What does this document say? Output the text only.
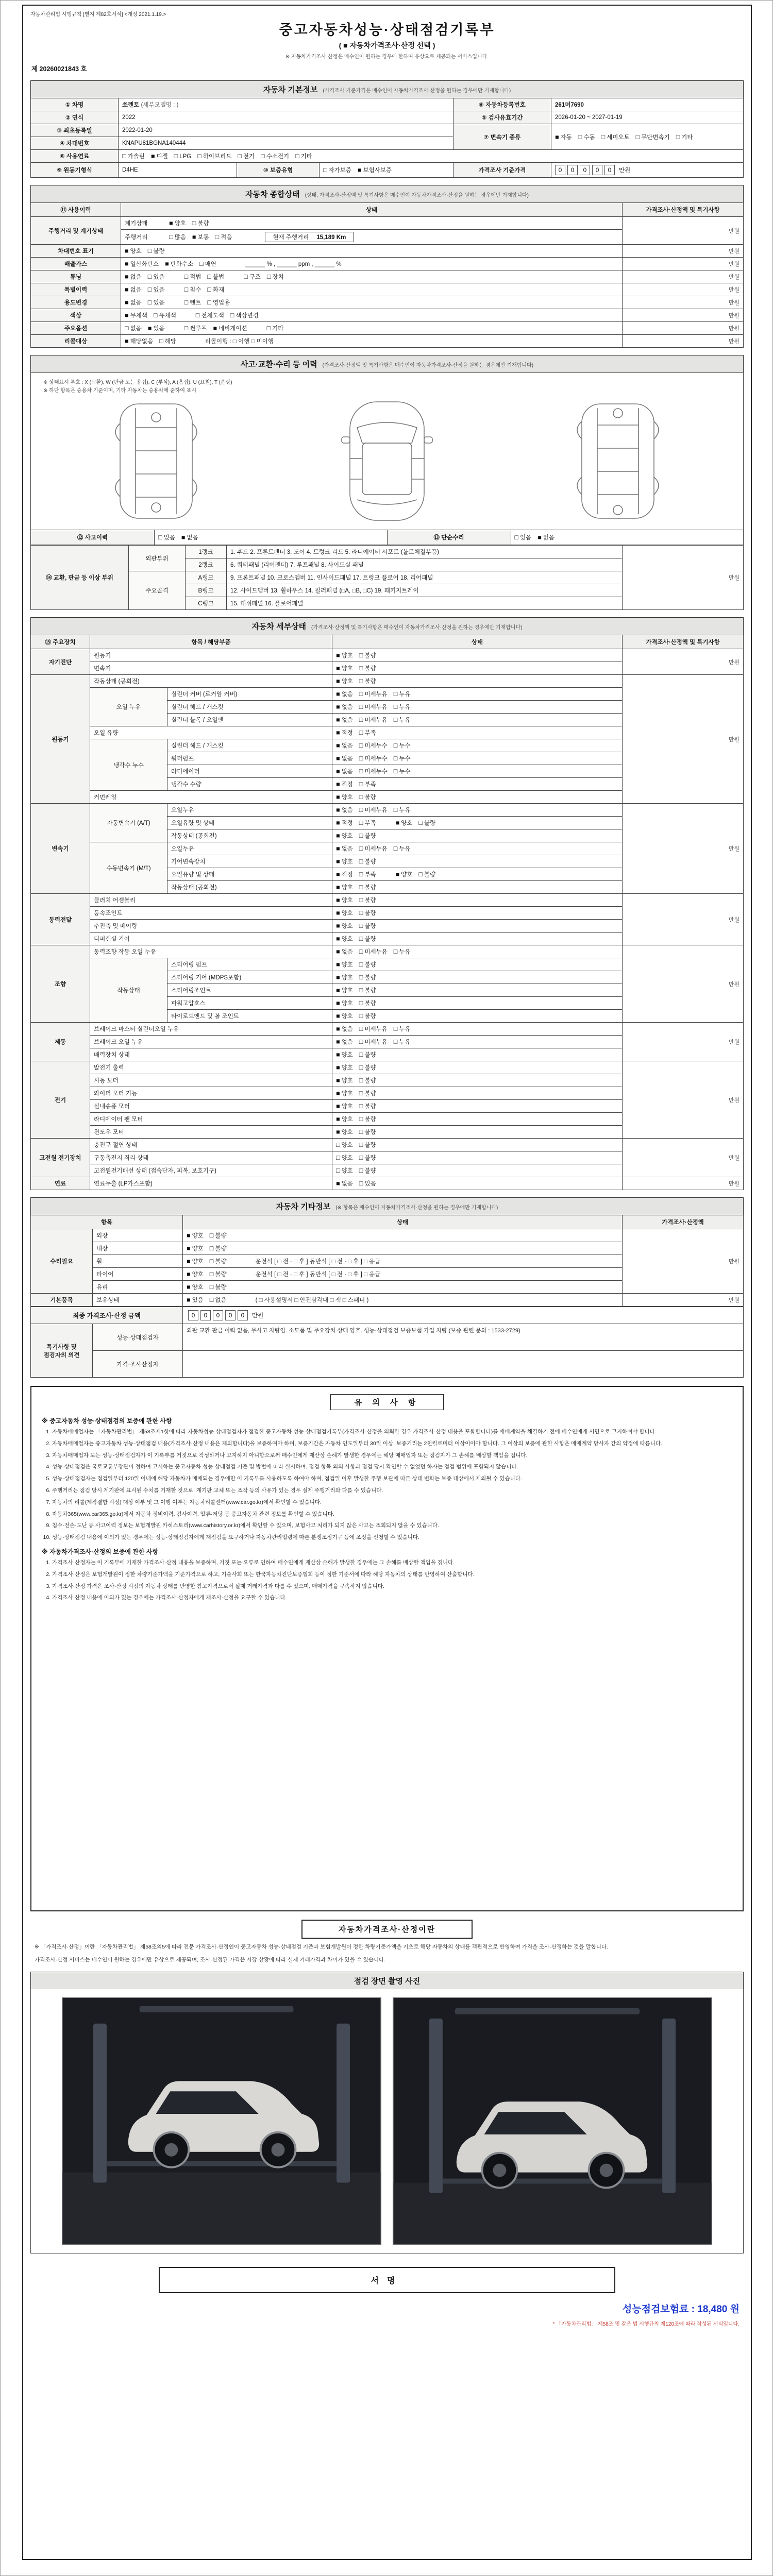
자동차관리법 시행규칙 [별지 제82호서식] <개정 2021.1.19.>
중고자동차성능·상태점검기록부
( ■ 자동차가격조사·산정 선택 )
※ 자동차가격조사·산정은 매수인이 원하는 경우에 한하여 유상으로 제공되는 서비스입니다.
제 20260021843 호
자동차 기본정보 (가격조사 기준가격은 매수인이 자동차가격조사·산정을 원하는 경우에만 기재합니다)
① 차명	쏘렌토 (세부모델명 : )			⑥ 자동차등록번호	261머7690
② 연식	2022			⑤ 검사유효기간	2026-01-20 ~ 2027-01-19
③ 최초등록일	2022-01-20			⑦ 변속기 종류	■ 자동 □ 수동 □ 세미오토 □ 무단변속기 □ 기타
④ 차대번호	KNAPU81BGNA140444				
⑧ 사용연료	□ 가솔린 ■ 디젤 □ LPG □ 하이브리드 □ 전기 □ 수소전기 □ 기타				
⑨ 원동기형식	D4HE	⑩ 보증유형	□ 자가보증 ■ 보험사보증	가격조사 기준가격	0 0 0 0 0 만원
자동차 종합상태 (상태, 가격조사·산정액 및 특기사항은 매수인이 자동차가격조사·산정을 원하는 경우에만 기재합니다)
⑪ 사용이력	상태	가격조사·산정액 및 특기사항
주행거리 및 계기상태	계기상태 ■ 양호 □ 불량	만원
	주행거리 □ 많음 ■ 보통 □ 적음 현재 주행거리 15,189 Km	
차대번호 표기	■ 양호 □ 불량	만원
배출가스	■ 일산화탄소 ■ 탄화수소 □ 매연 ______ % , ______ ppm , ______ %	만원
튜닝	■ 없음 □ 있음 □ 적법 □ 불법 □ 구조 □ 장치	만원
특별이력	■ 없음 □ 있음 □ 침수 □ 화재	만원
용도변경	■ 없음 □ 있음 □ 렌트 □ 영업용	만원
색상	■ 무채색 □ 유채색 □ 전체도색 □ 색상변경	만원
주요옵션	□ 없음 ■ 있음 □ 썬루프 ■ 네비게이션 □ 기타	만원
리콜대상	■ 해당없음 □ 해당 리콜이행 : □ 이행 □ 미이행	만원
사고·교환·수리 등 이력 (가격조사·산정액 및 특기사항은 매수인이 자동차가격조사·산정을 원하는 경우에만 기재합니다)
※ 상태표시 부호 : X (교환), W (판금 또는 용접), C (부식), A (흠집), U (요철), T (손상)
※ 하단 항목은 승용차 기준이며, 기타 자동차는 승용차에 준하여 표시
⑫ 사고이력	□ 있음 ■ 없음	⑬ 단순수리	□ 있음 ■ 없음
⑭ 교환, 판금 등 이상 부위	외판부위	1랭크	1. 후드 2. 프론트펜더 3. 도어 4. 트렁크 리드 5. 라디에이터 서포트 (볼트체결부품)	만원
		2랭크	6. 쿼터패널 (리어펜더) 7. 루프패널 8. 사이드실 패널	
	주요골격	A랭크	9. 프론트패널 10. 크로스멤버 11. 인사이드패널 17. 트렁크 플로어 18. 리어패널	
		B랭크	12. 사이드멤버 13. 휠하우스 14. 필러패널 (□A, □B, □C) 19. 패키지트레이	
		C랭크	15. 대쉬패널 16. 플로어패널	
자동차 세부상태 (가격조사·산정액 및 특기사항은 매수인이 자동차가격조사·산정을 원하는 경우에만 기재합니다)
⑮ 주요장치	항목 / 해당부품		상태	가격조사·산정액 및 특기사항
자기진단	원동기		■ 양호 □ 불량	만원
	변속기		■ 양호 □ 불량	
원동기	작동상태 (공회전)		■ 양호 □ 불량	만원
	오일 누유	실린더 커버 (로커암 커버)	■ 없음 □ 미세누유 □ 누유	
		실린더 헤드 / 개스킷	■ 없음 □ 미세누유 □ 누유	
		실린더 블록 / 오일팬	■ 없음 □ 미세누유 □ 누유	
	오일 유량		■ 적정 □ 부족	
	냉각수 누수	실린더 헤드 / 개스킷	■ 없음 □ 미세누수 □ 누수	
		워터펌프	■ 없음 □ 미세누수 □ 누수	
		라디에이터	■ 없음 □ 미세누수 □ 누수	
		냉각수 수량	■ 적정 □ 부족	
	커먼레일		■ 양호 □ 불량	
변속기	자동변속기 (A/T)	오일누유	■ 없음 □ 미세누유 □ 누유	만원
		오일유량 및 상태	■ 적정 □ 부족 ■ 양호 □ 불량	
		작동상태 (공회전)	■ 양호 □ 불량	
	수동변속기 (M/T)	오일누유	■ 없음 □ 미세누유 □ 누유	
		기어변속장치	■ 양호 □ 불량	
		오일유량 및 상태	■ 적정 □ 부족 ■ 양호 □ 불량	
		작동상태 (공회전)	■ 양호 □ 불량	
동력전달	클러치 어셈블리		■ 양호 □ 불량	만원
	등속조인트		■ 양호 □ 불량	
	추진축 및 베어링		■ 양호 □ 불량	
	디퍼렌셜 기어		■ 양호 □ 불량	
조향	동력조향 작동 오일 누유		■ 없음 □ 미세누유 □ 누유	만원
	작동상태	스티어링 펌프	■ 양호 □ 불량	
		스티어링 기어 (MDPS포함)	■ 양호 □ 불량	
		스티어링조인트	■ 양호 □ 불량	
		파워고압호스	■ 양호 □ 불량	
		타이로드엔드 및 볼 조인트	■ 양호 □ 불량	
제동	브레이크 마스터 실린더오일 누유		■ 없음 □ 미세누유 □ 누유	만원
	브레이크 오일 누유		■ 없음 □ 미세누유 □ 누유	
	배력장치 상태		■ 양호 □ 불량	
전기	발전기 출력		■ 양호 □ 불량	만원
	시동 모터		■ 양호 □ 불량	
	와이퍼 모터 기능		■ 양호 □ 불량	
	실내송풍 모터		■ 양호 □ 불량	
	라디에이터 팬 모터		■ 양호 □ 불량	
	윈도우 모터		■ 양호 □ 불량	
고전원 전기장치	충전구 절연 상태		□ 양호 □ 불량	만원
	구동축전지 격리 상태		□ 양호 □ 불량	
	고전원전기배선 상태 (접속단자, 피복, 보호기구)		□ 양호 □ 불량	
연료	연료누출 (LP가스포함)		■ 없음 □ 있음	만원
자동차 기타정보 (※ 항목은 매수인이 자동차가격조사·산정을 원하는 경우에만 기재합니다)
항목		상태	가격조사·산정액
수리필요	외장	■ 양호 □ 불량	만원
	내장	■ 양호 □ 불량	
	휠	■ 양호 □ 불량 운전석 [ □ 전 · □ 후 ] 동반석 [ □ 전 · □ 후 ] □ 응급	
	타이어	■ 양호 □ 불량 운전석 [ □ 전 · □ 후 ] 동반석 [ □ 전 · □ 후 ] □ 응급	
	유리	■ 양호 □ 불량	
기본품목	보유상태	■ 있음 □ 없음 ( □ 사용설명서 □ 안전삼각대 □ 잭 □ 스패너 )	만원
최종 가격조사·산정 금액		0 0 0 0 0 만원
특기사항 및 점검자의 의견	성능·상태점검자	외판 교환·판금 이력 없음, 무사고 차량임. 소모품 및 주요장치 상태 양호. 성능·상태점검 보증보험 가입 차량 (보증 관련 문의 : 1533-2729)
	가격·조사산정자	
유 의 사 항
※ 중고자동차 성능·상태점검의 보증에 관한 사항
1. 자동차매매업자는 「자동차관리법」 제58조제1항에 따라 자동차성능·상태점검자가 점검한 중고자동차 성능·상태점검기록부(가격조사·산정을 의뢰한 경우 가격조사·산정 내용을 포함합니다)를 매매계약을 체결하기 전에 매수인에게 서면으로 고지하여야 합니다.
2. 자동차매매업자는 중고자동차 성능·상태점검 내용(가격조사·산정 내용은 제외합니다)을 보증하여야 하며, 보증기간은 자동차 인도일부터 30일 이상, 보증거리는 2천킬로미터 이상이어야 합니다. 그 이상의 보증에 관한 사항은 매매계약 당사자 간의 약정에 따릅니다.
3. 자동차매매업자 또는 성능·상태점검자가 이 기록부를 거짓으로 작성하거나 고지하지 아니함으로써 매수인에게 재산상 손해가 발생한 경우에는 해당 매매업자 또는 점검자가 그 손해를 배상할 책임을 집니다.
4. 성능·상태점검은 국토교통부장관이 정하여 고시하는 중고자동차 성능·상태점검 기준 및 방법에 따라 실시하며, 점검 항목 외의 사항과 점검 당시 확인할 수 없었던 하자는 점검 범위에 포함되지 않습니다.
5. 성능·상태점검자는 점검일부터 120일 이내에 해당 자동차가 매매되는 경우에만 이 기록부를 사용하도록 하여야 하며, 점검일 이후 발생한 주행·보관에 따른 상태 변화는 보증 대상에서 제외될 수 있습니다.
6. 주행거리는 점검 당시 계기판에 표시된 수치를 기재한 것으로, 계기판 교체 또는 조작 등의 사유가 있는 경우 실제 주행거리와 다를 수 있습니다.
7. 자동차의 리콜(제작결함 시정) 대상 여부 및 그 이행 여부는 자동차리콜센터(www.car.go.kr)에서 확인할 수 있습니다.
8. 자동차365(www.car365.go.kr)에서 자동차 정비이력, 검사이력, 압류·저당 등 중고자동차 관련 정보를 확인할 수 있습니다.
9. 침수·전손·도난 등 사고이력 정보는 보험개발원 카히스토리(www.carhistory.or.kr)에서 확인할 수 있으며, 보험사고 처리가 되지 않은 사고는 조회되지 않을 수 있습니다.
10. 성능·상태점검 내용에 이의가 있는 경우에는 성능·상태점검자에게 재점검을 요구하거나 자동차관리법령에 따른 분쟁조정기구 등에 조정을 신청할 수 있습니다.
※ 자동차가격조사·산정의 보증에 관한 사항
1. 가격조사·산정자는 이 기록부에 기재한 가격조사·산정 내용을 보증하며, 거짓 또는 오류로 인하여 매수인에게 재산상 손해가 발생한 경우에는 그 손해를 배상할 책임을 집니다.
2. 가격조사·산정은 보험개발원이 정한 차량기준가액을 기준가격으로 하고, 기술사회 또는 한국자동차진단보증협회 등이 정한 기준서에 따라 해당 자동차의 상태를 반영하여 산출합니다.
3. 가격조사·산정 가격은 조사·산정 시점의 자동차 상태를 반영한 참고가격으로서 실제 거래가격과 다를 수 있으며, 매매가격을 구속하지 않습니다.
4. 가격조사·산정 내용에 이의가 있는 경우에는 가격조사·산정자에게 재조사·산정을 요구할 수 있습니다.
자동차가격조사·산정이란
※ 「가격조사·산정」이란 「자동차관리법」 제58조의5에 따라 전문 가격조사·산정인이 중고자동차 성능·상태점검 기준과 보험개발원이 정한 차량기준가액을 기초로 해당 자동차의 상태를 객관적으로 반영하여 가격을 조사·산정하는 것을 말합니다.
가격조사·산정 서비스는 매수인이 원하는 경우에만 유상으로 제공되며, 조사·산정된 가격은 시장 상황에 따라 실제 거래가격과 차이가 있을 수 있습니다.
점검 장면 촬영 사진
서명
성능점검보험료 : 18,480 원
* 「자동차관리법」 제58조 및 같은 법 시행규칙 제120조에 따라 작성된 서식입니다.
